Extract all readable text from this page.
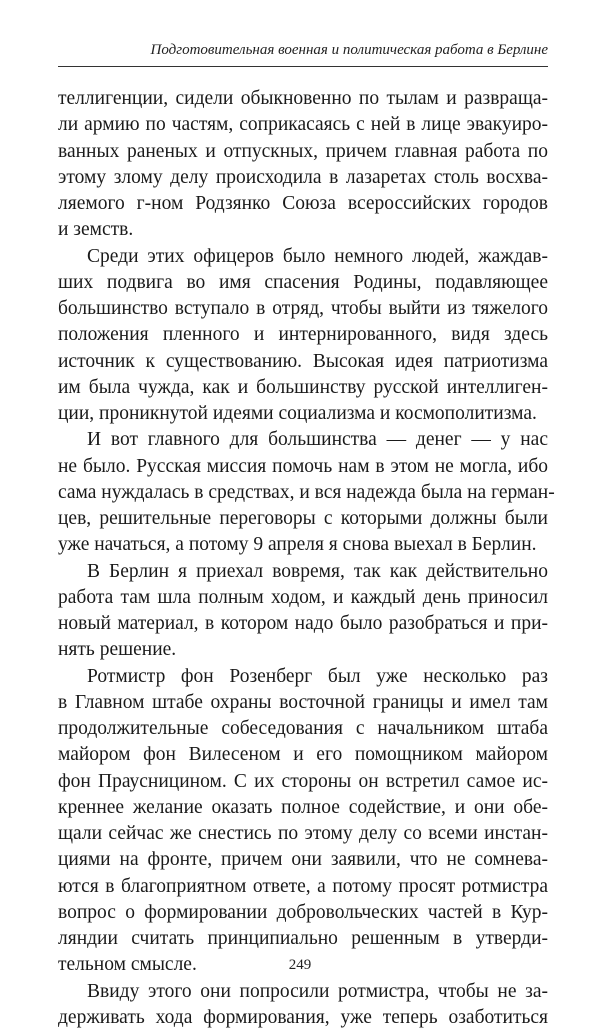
Подготовительная военная и политическая работа в Берлине
теллигенции, сидели обыкновенно по тылам и развраща-
ли армию по частям, соприкасаясь с ней в лице эвакуиро-
ванных раненых и отпускных, причем главная работа по
этому злому делу происходила в лазаретах столь восхва-
ляемого г-ном Родзянко Союза всероссийских городов
и земств.
Среди этих офицеров было немного людей, жаждав-
ших подвига во имя спасения Родины, подавляющее
большинство вступало в отряд, чтобы выйти из тяжелого
положения пленного и интернированного, видя здесь
источник к существованию. Высокая идея патриотизма
им была чужда, как и большинству русской интеллиген-
ции, проникнутой идеями социализма и космополитизма.
И вот главного для большинства — денег — у нас
не было. Русская миссия помочь нам в этом не могла, ибо
сама нуждалась в средствах, и вся надежда была на герман-
цев, решительные переговоры с которыми должны были
уже начаться, а потому 9 апреля я снова выехал в Берлин.
В Берлин я приехал вовремя, так как действительно
работа там шла полным ходом, и каждый день приносил
новый материал, в котором надо было разобраться и при-
нять решение.
Ротмистр фон Розенберг был уже несколько раз
в Главном штабе охраны восточной границы и имел там
продолжительные собеседования с начальником штаба
майором фон Вилесеном и его помощником майором
фон Праусницином. С их стороны он встретил самое ис-
креннее желание оказать полное содействие, и они обе-
щали сейчас же снестись по этому делу со всеми инстан-
циями на фронте, причем они заявили, что не сомнева-
ются в благоприятном ответе, а потому просят ротмистра
вопрос о формировании добровольческих частей в Кур-
ляндии считать принципиально решенным в утверди-
тельном смысле.
Ввиду этого они попросили ротмистра, чтобы не за-
держивать хода формирования, уже теперь озаботиться
249
